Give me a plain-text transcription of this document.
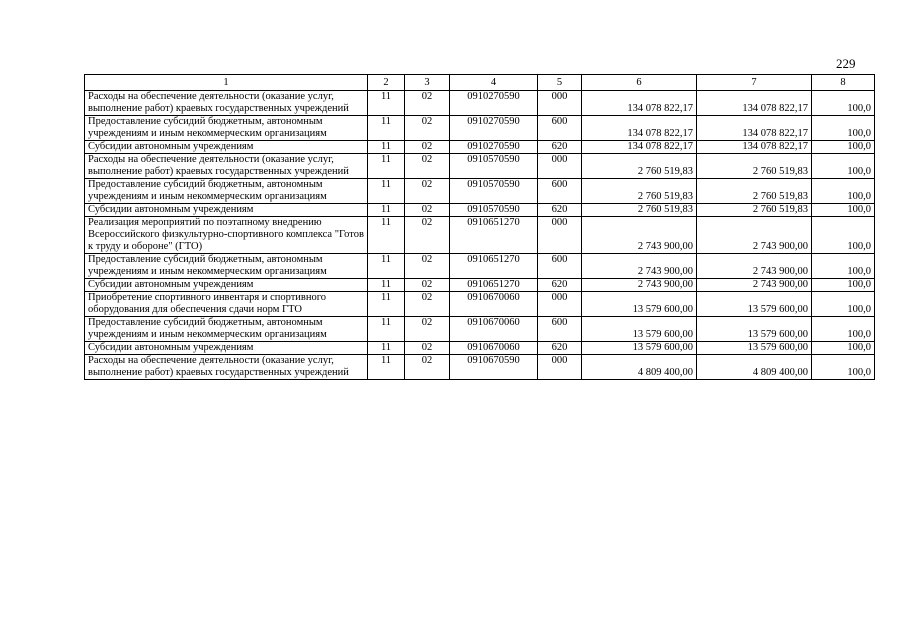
229
1	2	3	4	5	6	7	8
Расходы на обеспечение деятельности (оказание услуг, выполнение работ) краевых государственных учреждений	11	02	0910270590	000	134 078 822,17	134 078 822,17	100,0
Предоставление субсидий бюджетным, автономным учреждениям и иным некоммерческим организациям	11	02	0910270590	600	134 078 822,17	134 078 822,17	100,0
Субсидии автономным учреждениям	11	02	0910270590	620	134 078 822,17	134 078 822,17	100,0
Расходы на обеспечение деятельности (оказание услуг, выполнение работ) краевых государственных учреждений	11	02	0910570590	000	2 760 519,83	2 760 519,83	100,0
Предоставление субсидий бюджетным, автономным учреждениям и иным некоммерческим организациям	11	02	0910570590	600	2 760 519,83	2 760 519,83	100,0
Субсидии автономным учреждениям	11	02	0910570590	620	2 760 519,83	2 760 519,83	100,0
Реализация мероприятий по поэтапному внедрению Всероссийского физкультурно-спортивного комплекса "Готов к труду и обороне" (ГТО)	11	02	0910651270	000	2 743 900,00	2 743 900,00	100,0
Предоставление субсидий бюджетным, автономным учреждениям и иным некоммерческим организациям	11	02	0910651270	600	2 743 900,00	2 743 900,00	100,0
Субсидии автономным учреждениям	11	02	0910651270	620	2 743 900,00	2 743 900,00	100,0
Приобретение спортивного инвентаря и спортивного оборудования для обеспечения сдачи норм ГТО	11	02	0910670060	000	13 579 600,00	13 579 600,00	100,0
Предоставление субсидий бюджетным, автономным учреждениям и иным некоммерческим организациям	11	02	0910670060	600	13 579 600,00	13 579 600,00	100,0
Субсидии автономным учреждениям	11	02	0910670060	620	13 579 600,00	13 579 600,00	100,0
Расходы на обеспечение деятельности (оказание услуг, выполнение работ) краевых государственных учреждений	11	02	0910670590	000	4 809 400,00	4 809 400,00	100,0
